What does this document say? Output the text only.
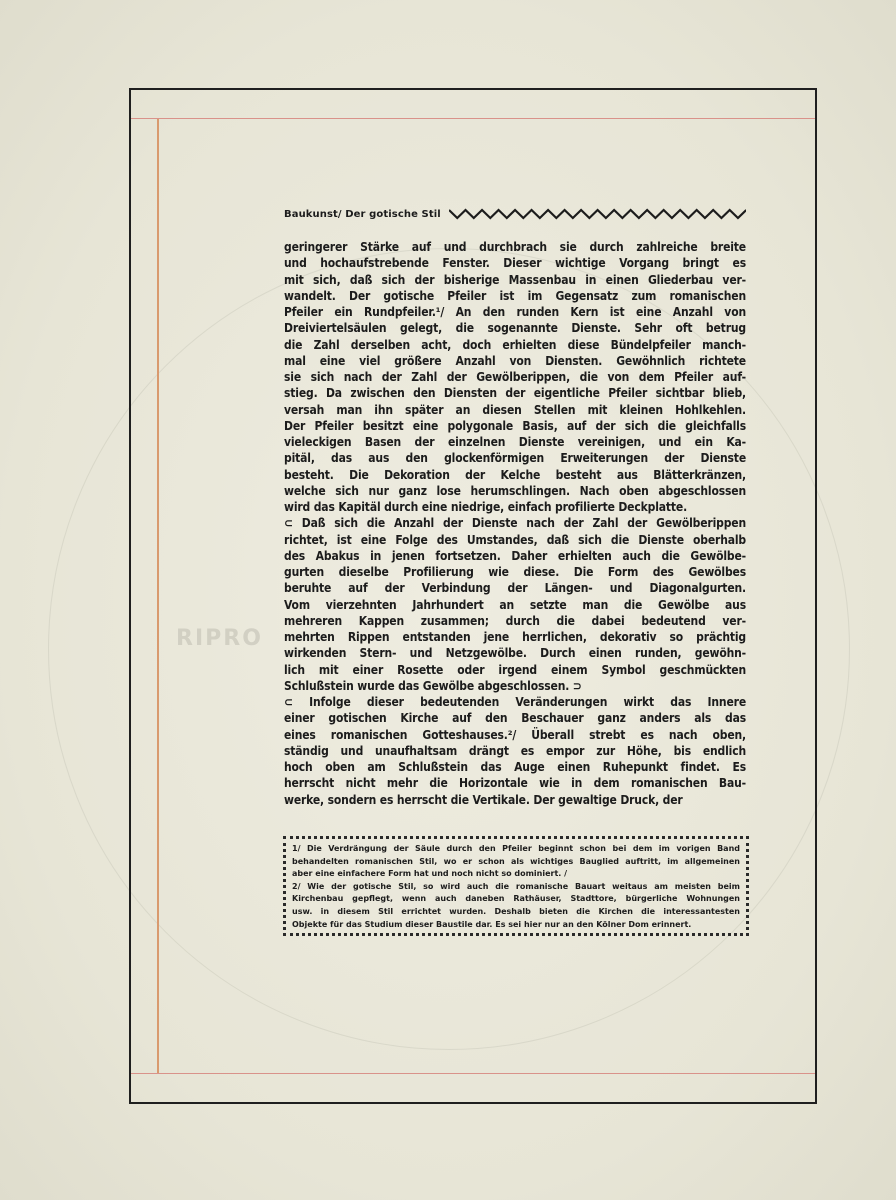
RIPRO
Baukunst/ Der gotische Stil
geringerer Stärke auf und durchbrach sie durch zahlreiche breite
und hochaufstrebende Fenster. Dieser wichtige Vorgang bringt es
mit sich, daß sich der bisherige Massenbau in einen Gliederbau ver-
wandelt. Der gotische Pfeiler ist im Gegensatz zum romanischen
Pfeiler ein Rundpfeiler.¹/ An den runden Kern ist eine Anzahl von
Dreiviertelsäulen gelegt, die sogenannte Dienste. Sehr oft betrug
die Zahl derselben acht, doch erhielten diese Bündelpfeiler manch-
mal eine viel größere Anzahl von Diensten. Gewöhnlich richtete
sie sich nach der Zahl der Gewölberippen, die von dem Pfeiler auf-
stieg. Da zwischen den Diensten der eigentliche Pfeiler sichtbar blieb,
versah man ihn später an diesen Stellen mit kleinen Hohlkehlen.
Der Pfeiler besitzt eine polygonale Basis, auf der sich die gleichfalls
vieleckigen Basen der einzelnen Dienste vereinigen, und ein Ka-
pitäl, das aus den glockenförmigen Erweiterungen der Dienste
besteht. Die Dekoration der Kelche besteht aus Blätterkränzen,
welche sich nur ganz lose herumschlingen. Nach oben abgeschlossen
wird das Kapitäl durch eine niedrige, einfach profilierte Deckplatte.
⊂ Daß sich die Anzahl der Dienste nach der Zahl der Gewölberippen
richtet, ist eine Folge des Umstandes, daß sich die Dienste oberhalb
des Abakus in jenen fortsetzen. Daher erhielten auch die Gewölbe-
gurten dieselbe Profilierung wie diese. Die Form des Gewölbes
beruhte auf der Verbindung der Längen- und Diagonalgurten.
Vom vierzehnten Jahrhundert an setzte man die Gewölbe aus
mehreren Kappen zusammen; durch die dabei bedeutend ver-
mehrten Rippen entstanden jene herrlichen, dekorativ so prächtig
wirkenden Stern- und Netzgewölbe. Durch einen runden, gewöhn-
lich mit einer Rosette oder irgend einem Symbol geschmückten
Schlußstein wurde das Gewölbe abgeschlossen. ⊃
⊂ Infolge dieser bedeutenden Veränderungen wirkt das Innere
einer gotischen Kirche auf den Beschauer ganz anders als das
eines romanischen Gotteshauses.²/ Überall strebt es nach oben,
ständig und unaufhaltsam drängt es empor zur Höhe, bis endlich
hoch oben am Schlußstein das Auge einen Ruhepunkt findet. Es
herrscht nicht mehr die Horizontale wie in dem romanischen Bau-
werke, sondern es herrscht die Vertikale. Der gewaltige Druck, der
1/ Die Verdrängung der Säule durch den Pfeiler beginnt schon bei dem im vorigen Band
behandelten romanischen Stil, wo er schon als wichtiges Bauglied auftritt, im allgemeinen
aber eine einfachere Form hat und noch nicht so dominiert. /
2/ Wie der gotische Stil, so wird auch die romanische Bauart weitaus am meisten beim
Kirchenbau gepflegt, wenn auch daneben Rathäuser, Stadttore, bürgerliche Wohnungen
usw. in diesem Stil errichtet wurden. Deshalb bieten die Kirchen die interessantesten
Objekte für das Studium dieser Baustile dar. Es sei hier nur an den Kölner Dom erinnert.
